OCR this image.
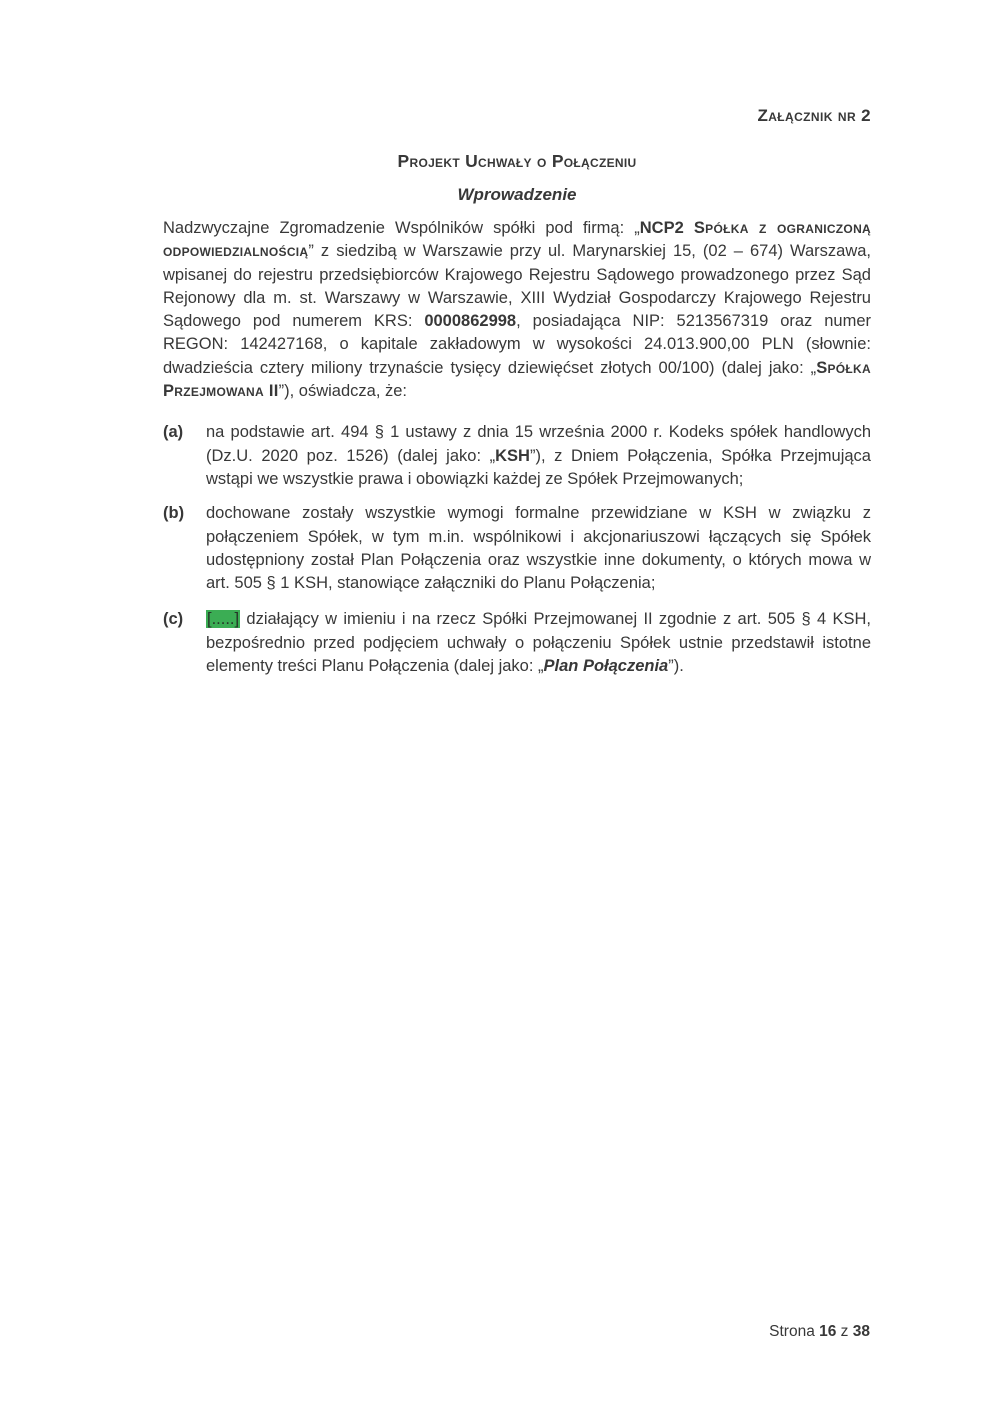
Załącznik nr 2
Projekt Uchwały o Połączeniu
Wprowadzenie
Nadzwyczajne Zgromadzenie Wspólników spółki pod firmą: „NCP2 Spółka z ograniczoną odpowiedzialnością” z siedzibą w Warszawie przy ul. Marynarskiej 15, (02 – 674) Warszawa, wpisanej do rejestru przedsiębiorców Krajowego Rejestru Sądowego prowadzonego przez Sąd Rejonowy dla m. st. Warszawy w Warszawie, XIII Wydział Gospodarczy Krajowego Rejestru Sądowego pod numerem KRS: 0000862998, posiadająca NIP: 5213567319 oraz numer REGON: 142427168, o kapitale zakładowym w wysokości 24.013.900,00 PLN (słownie: dwadzieścia cztery miliony trzynaście tysięcy dziewięćset złotych 00/100) (dalej jako: „Spółka Przejmowana II”), oświadcza, że:
(a) na podstawie art. 494 § 1 ustawy z dnia 15 września 2000 r. Kodeks spółek handlowych (Dz.U. 2020 poz. 1526) (dalej jako: „KSH”), z Dniem Połączenia, Spółka Przejmująca wstąpi we wszystkie prawa i obowiązki każdej ze Spółek Przejmowanych;
(b) dochowane zostały wszystkie wymogi formalne przewidziane w KSH w związku z połączeniem Spółek, w tym m.in. wspólnikowi i akcjonariuszowi łączących się Spółek udostępniony został Plan Połączenia oraz wszystkie inne dokumenty, o których mowa w art. 505 § 1 KSH, stanowiące załączniki do Planu Połączenia;
(c) [.....] działający w imieniu i na rzecz Spółki Przejmowanej II zgodnie z art. 505 § 4 KSH, bezpośrednio przed podjęciem uchwały o połączeniu Spółek ustnie przedstawił istotne elementy treści Planu Połączenia (dalej jako: „Plan Połączenia”).
Strona 16 z 38
